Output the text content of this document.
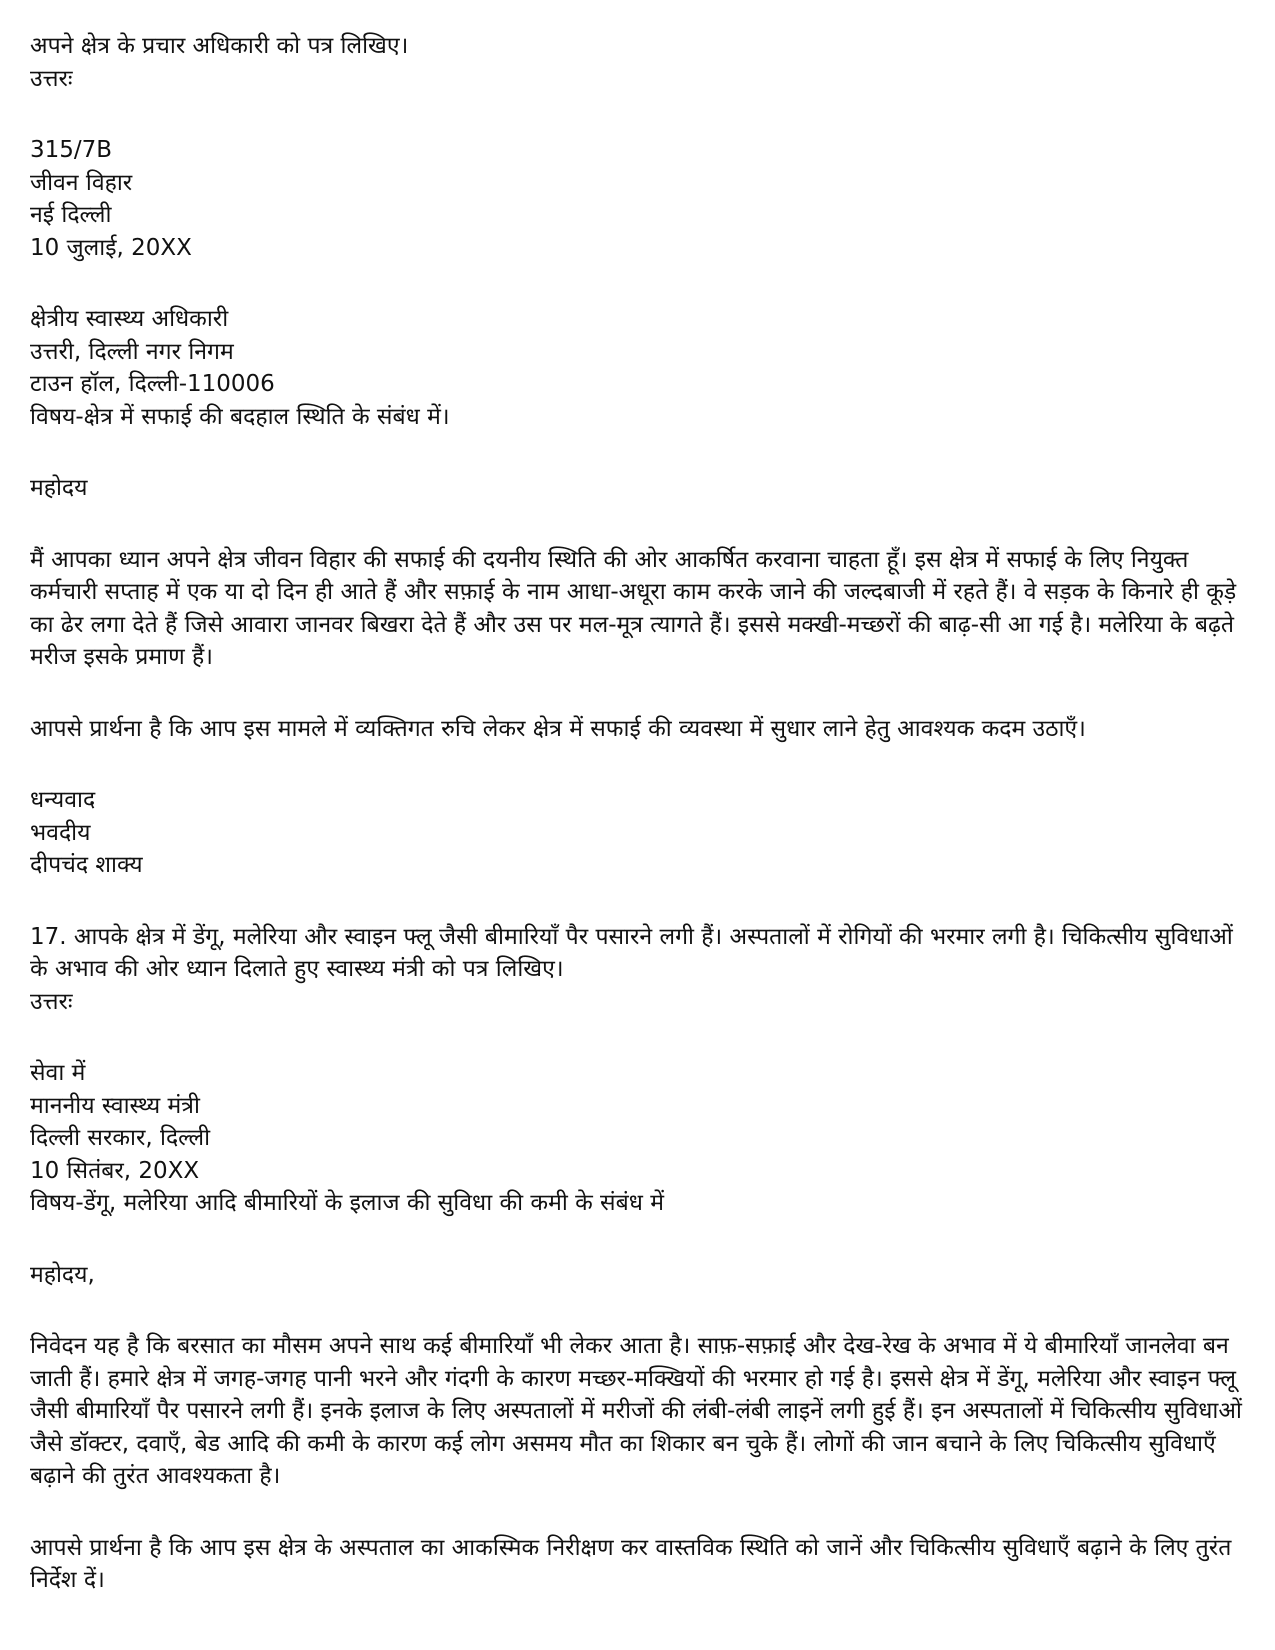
अपने क्षेत्र के प्रचार अधिकारी को पत्र लिखिए।
उत्तरः
315/7B
जीवन विहार
नई दिल्ली
10 जुलाई, 20XX
क्षेत्रीय स्वास्थ्य अधिकारी
उत्तरी, दिल्ली नगर निगम
टाउन हॉल, दिल्ली-110006
विषय-क्षेत्र में सफाई की बदहाल स्थिति के संबंध में।
महोदय
मैं आपका ध्यान अपने क्षेत्र जीवन विहार की सफाई की दयनीय स्थिति की ओर आकर्षित करवाना चाहता हूँ। इस क्षेत्र में सफाई के लिए नियुक्त कर्मचारी सप्ताह में एक या दो दिन ही आते हैं और सफ़ाई के नाम आधा-अधूरा काम करके जाने की जल्दबाजी में रहते हैं। वे सड़क के किनारे ही कूड़े का ढेर लगा देते हैं जिसे आवारा जानवर बिखरा देते हैं और उस पर मल-मूत्र त्यागते हैं। इससे मक्खी-मच्छरों की बाढ़-सी आ गई है। मलेरिया के बढ़ते मरीज इसके प्रमाण हैं।
आपसे प्रार्थना है कि आप इस मामले में व्यक्तिगत रुचि लेकर क्षेत्र में सफाई की व्यवस्था में सुधार लाने हेतु आवश्यक कदम उठाएँ।
धन्यवाद
भवदीय
दीपचंद शाक्य
17. आपके क्षेत्र में डेंगू, मलेरिया और स्वाइन फ्लू जैसी बीमारियाँ पैर पसारने लगी हैं। अस्पतालों में रोगियों की भरमार लगी है। चिकित्सीय सुविधाओं के अभाव की ओर ध्यान दिलाते हुए स्वास्थ्य मंत्री को पत्र लिखिए।
उत्तरः
सेवा में
माननीय स्वास्थ्य मंत्री
दिल्ली सरकार, दिल्ली
10 सितंबर, 20XX
विषय-डेंगू, मलेरिया आदि बीमारियों के इलाज की सुविधा की कमी के संबंध में
महोदय,
निवेदन यह है कि बरसात का मौसम अपने साथ कई बीमारियाँ भी लेकर आता है। साफ़-सफ़ाई और देख-रेख के अभाव में ये बीमारियाँ जानलेवा बन जाती हैं। हमारे क्षेत्र में जगह-जगह पानी भरने और गंदगी के कारण मच्छर-मक्खियों की भरमार हो गई है। इससे क्षेत्र में डेंगू, मलेरिया और स्वाइन फ्लू जैसी बीमारियाँ पैर पसारने लगी हैं। इनके इलाज के लिए अस्पतालों में मरीजों की लंबी-लंबी लाइनें लगी हुई हैं। इन अस्पतालों में चिकित्सीय सुविधाओं जैसे डॉक्टर, दवाएँ, बेड आदि की कमी के कारण कई लोग असमय मौत का शिकार बन चुके हैं। लोगों की जान बचाने के लिए चिकित्सीय सुविधाएँ बढ़ाने की तुरंत आवश्यकता है।
आपसे प्रार्थना है कि आप इस क्षेत्र के अस्पताल का आकस्मिक निरीक्षण कर वास्तविक स्थिति को जानें और चिकित्सीय सुविधाएँ बढ़ाने के लिए तुरंत निर्देश दें।
